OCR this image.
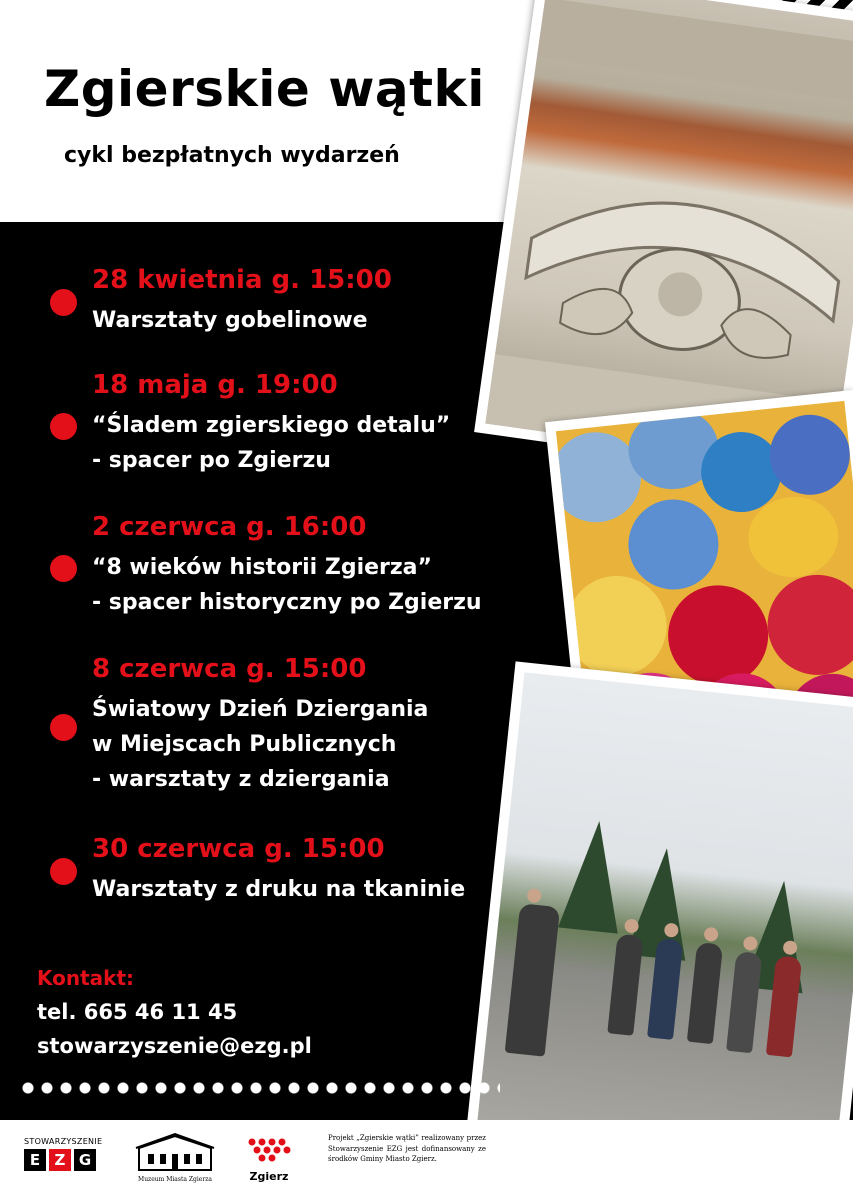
Zgierskie wątki
cykl bezpłatnych wydarzeń
28 kwietnia g. 15:00
Warsztaty gobelinowe
18 maja g. 19:00
“Śladem zgierskiego detalu”
- spacer po Zgierzu
2 czerwca g. 16:00
“8 wieków historii Zgierza”
- spacer historyczny po Zgierzu
8 czerwca g. 15:00
Światowy Dzień Dziergania
w Miejscach Publicznych
- warsztaty z dziergania
30 czerwca g. 15:00
Warsztaty z druku na tkaninie
Kontakt:
tel. 665 46 11 45
stowarzyszenie@ezg.pl
STOWARZYSZENIE
E Z G
Muzeum Miasta Zgierza	Zgierz
Projekt „Zgierskie wątki” realizowany przez Stowarzyszenie EZG jest dofinansowany ze środków Gminy Miasto Zgierz.
